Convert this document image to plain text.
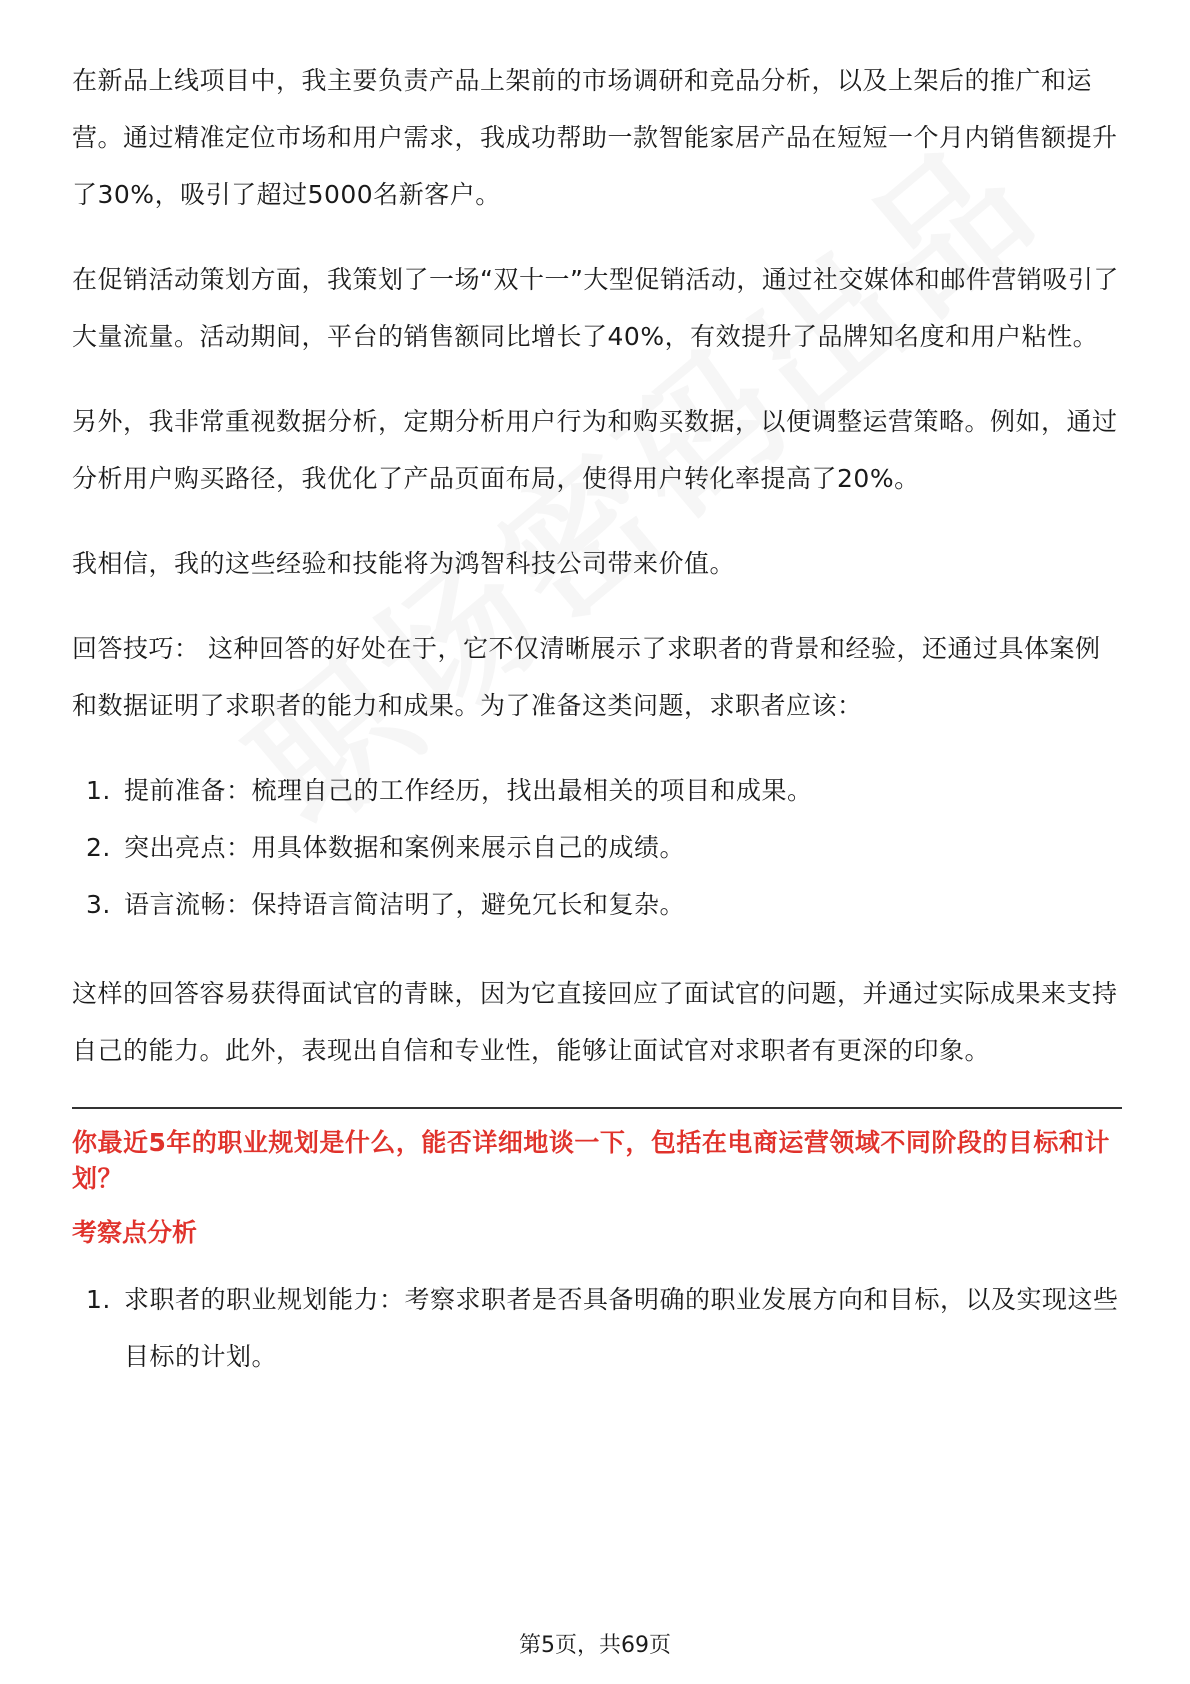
在新品上线项目中，我主要负责产品上架前的市场调研和竞品分析，以及上架后的推广和运营。通过精准定位市场和用户需求，我成功帮助一款智能家居产品在短短一个月内销售额提升了30%，吸引了超过5000名新客户。

在促销活动策划方面，我策划了一场“双十一”大型促销活动，通过社交媒体和邮件营销吸引了大量流量。活动期间，平台的销售额同比增长了40%，有效提升了品牌知名度和用户粘性。

另外，我非常重视数据分析，定期分析用户行为和购买数据，以便调整运营策略。例如，通过分析用户购买路径，我优化了产品页面布局，使得用户转化率提高了20%。

我相信，我的这些经验和技能将为鸿智科技公司带来价值。

回答技巧： 这种回答的好处在于，它不仅清晰展示了求职者的背景和经验，还通过具体案例和数据证明了求职者的能力和成果。为了准备这类问题，求职者应该：

1. 提前准备：梳理自己的工作经历，找出最相关的项目和成果。
2. 突出亮点：用具体数据和案例来展示自己的成绩。
3. 语言流畅：保持语言简洁明了，避免冗长和复杂。

这样的回答容易获得面试官的青睐，因为它直接回应了面试官的问题，并通过实际成果来支持自己的能力。此外，表现出自信和专业性，能够让面试官对求职者有更深的印象。

你最近5年的职业规划是什么，能否详细地谈一下，包括在电商运营领域不同阶段的目标和计划？
考察点分析
1. 求职者的职业规划能力：考察求职者是否具备明确的职业发展方向和目标，以及实现这些目标的计划。
第5页，共69页
